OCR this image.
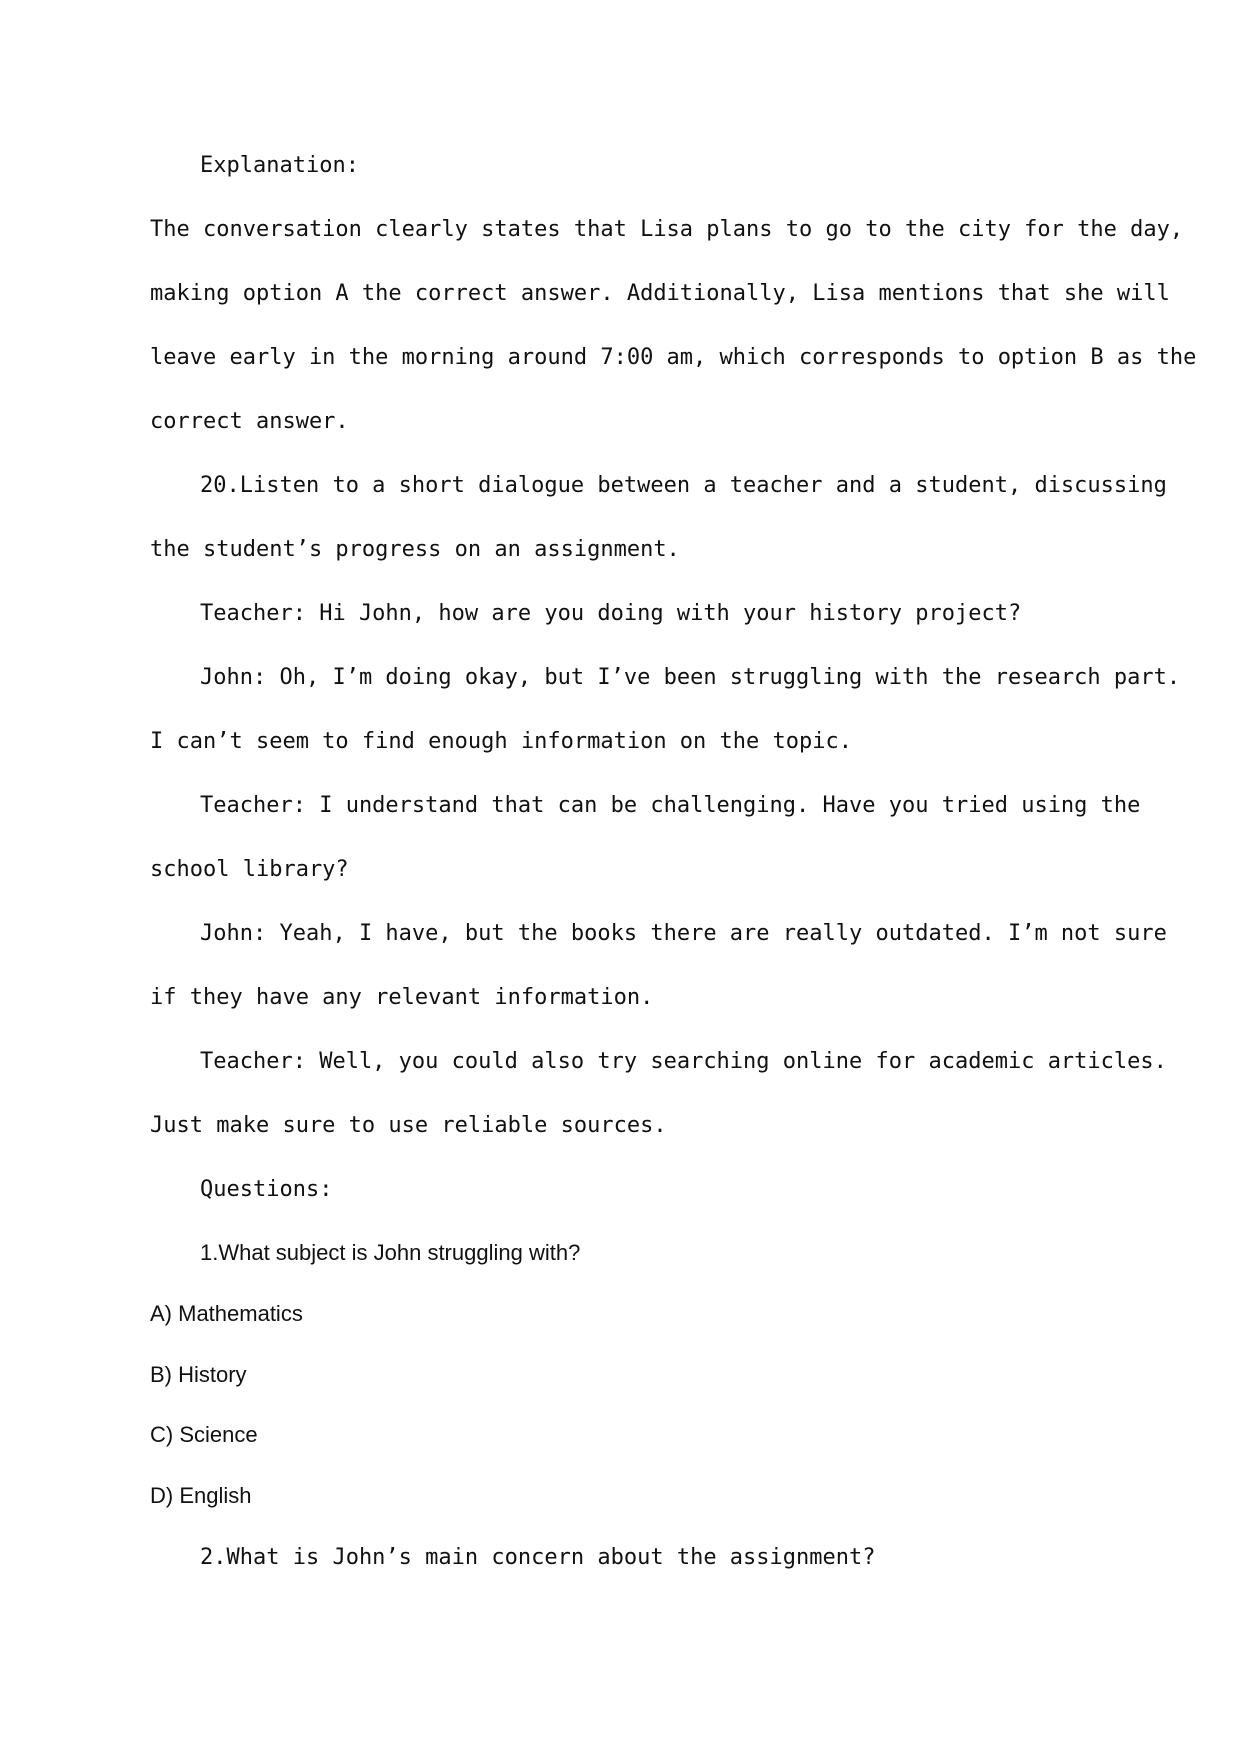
Explanation:
The conversation clearly states that Lisa plans to go to the city for the day,
making option A the correct answer. Additionally, Lisa mentions that she will
leave early in the morning around 7:00 am, which corresponds to option B as the
correct answer.
20.Listen to a short dialogue between a teacher and a student, discussing
the student’s progress on an assignment.
Teacher: Hi John, how are you doing with your history project?
John: Oh, I’m doing okay, but I’ve been struggling with the research part.
I can’t seem to find enough information on the topic.
Teacher: I understand that can be challenging. Have you tried using the
school library?
John: Yeah, I have, but the books there are really outdated. I’m not sure
if they have any relevant information.
Teacher: Well, you could also try searching online for academic articles.
Just make sure to use reliable sources.
Questions:
1.What subject is John struggling with?
A) Mathematics
B) History
C) Science
D) English
2.What is John’s main concern about the assignment?
